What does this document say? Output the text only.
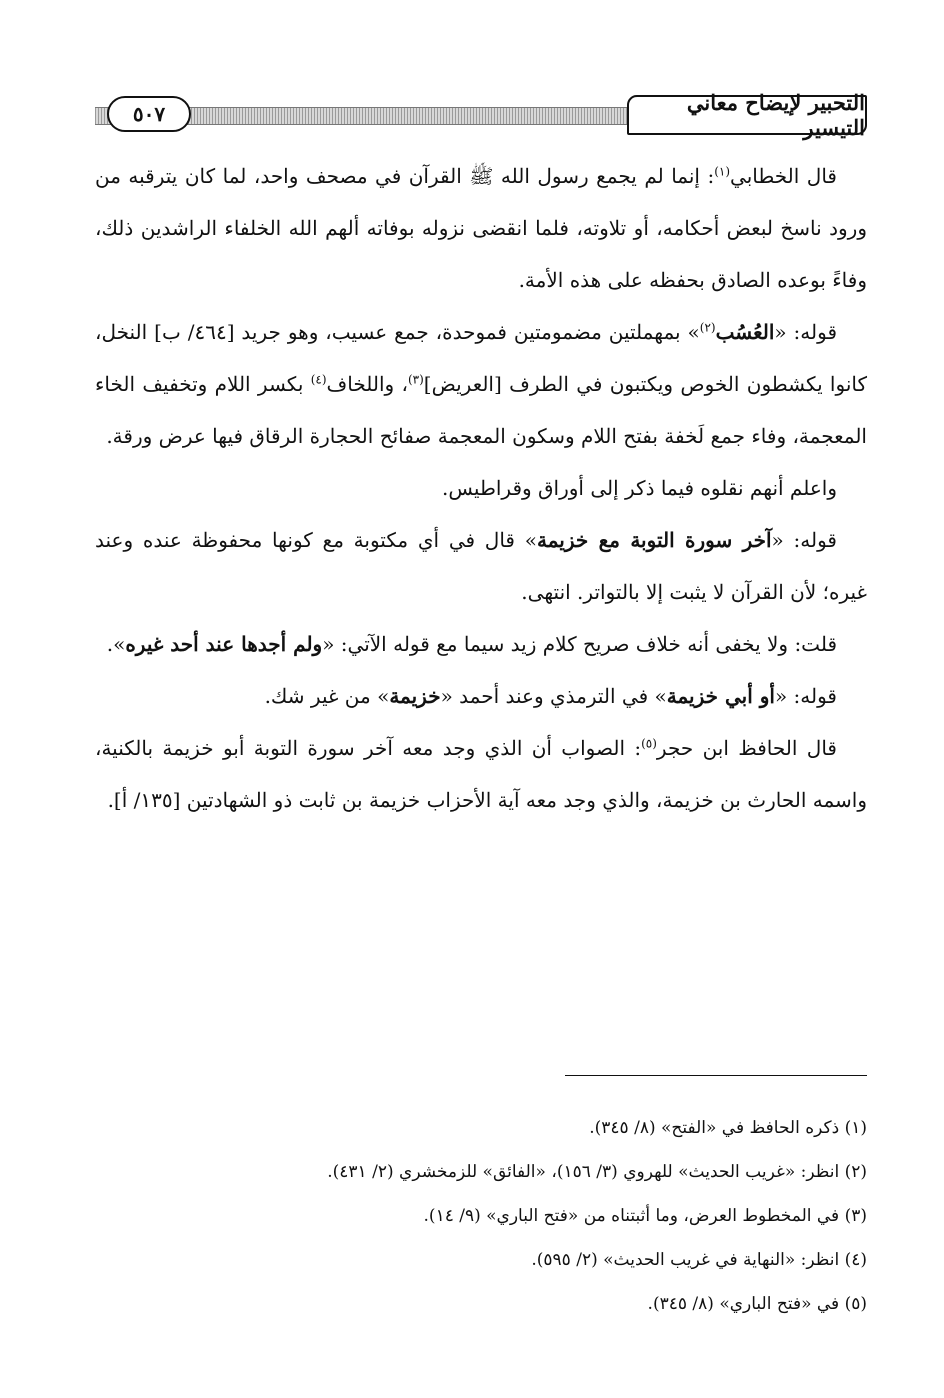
٥٠٧	التحبير لإيضاح معاني التيسير

قال الخطابي$^{(١)}$: إنما لم يجمع رسول الله ﷺ القرآن في مصحف واحد، لما كان يترقبه من ورود ناسخ لبعض أحكامه، أو تلاوته، فلما انقضى نزوله بوفاته ألهم الله الخلفاء الراشدين ذلك، وفاءً بوعده الصادق بحفظه على هذه الأمة.

قوله: «العُسُب$^{(٢)}$» بمهملتين مضمومتين فموحدة، جمع عسيب، وهو جريد [٤٦٤/ ب] النخل، كانوا يكشطون الخوص ويكتبون في الطرف [العريض]$^{(٣)}$، واللخاف$^{(٤)}$ بكسر اللام وتخفيف الخاء المعجمة، وفاء جمع لَخفة بفتح اللام وسكون المعجمة صفائح الحجارة الرقاق فيها عرض ورقة.

واعلم أنهم نقلوه فيما ذكر إلى أوراق وقراطيس.

قوله: «آخر سورة التوبة مع خزيمة» قال في أي مكتوبة مع كونها محفوظة عنده وعند غيره؛ لأن القرآن لا يثبت إلا بالتواتر. انتهى.

قلت: ولا يخفى أنه خلاف صريح كلام زيد سيما مع قوله الآتي: «ولم أجدها عند أحد غيره».

قوله: «أو أبي خزيمة» في الترمذي وعند أحمد «خزيمة» من غير شك.

قال الحافظ ابن حجر$^{(٥)}$: الصواب أن الذي وجد معه آخر سورة التوبة أبو خزيمة بالكنية، واسمه الحارث بن خزيمة، والذي وجد معه آية الأحزاب خزيمة بن ثابت ذو الشهادتين [١٣٥/ أ].

(١) ذكره الحافظ في «الفتح» (٨/ ٣٤٥).

(٢) انظر: «غريب الحديث» للهروي (٣/ ١٥٦)، «الفائق» للزمخشري (٢/ ٤٣١).

(٣) في المخطوط العرض، وما أثبتناه من «فتح الباري» (٩/ ١٤).

(٤) انظر: «النهاية في غريب الحديث» (٢/ ٥٩٥).

(٥) في «فتح الباري» (٨/ ٣٤٥).
